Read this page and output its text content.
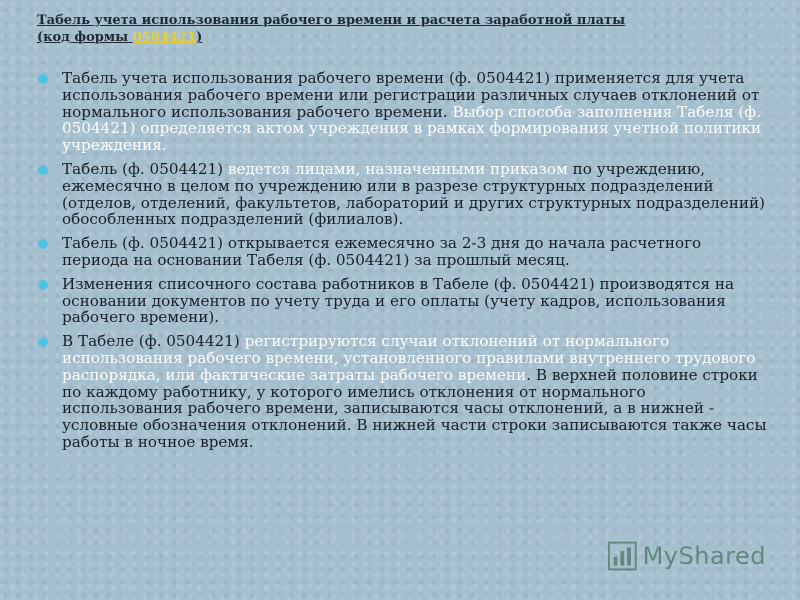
Табель учета использования рабочего времени и расчета заработной платы
(код формы 0504421)
Табель учета использования рабочего времени (ф. 0504421) применяется для учета использования рабочего времени или регистрации различных случаев отклонений от нормального использования рабочего времени. Выбор способа заполнения Табеля (ф. 0504421) определяется актом учреждения в рамках формирования учетной политики учреждения.
Табель (ф. 0504421) ведется лицами, назначенными приказом по учреждению, ежемесячно в целом по учреждению или в разрезе структурных подразделений (отделов, отделений, факультетов, лабораторий и других структурных подразделений) обособленных подразделений (филиалов).
Табель (ф. 0504421) открывается ежемесячно за 2-3 дня до начала расчетного периода на основании Табеля (ф. 0504421) за прошлый месяц.
Изменения списочного состава работников в Табеле (ф. 0504421) производятся на основании документов по учету труда и его оплаты (учету кадров, использования рабочего времени).
В Табеле (ф. 0504421) регистрируются случаи отклонений от нормального использования рабочего времени, установленного правилами внутреннего трудового распорядка, или фактические затраты рабочего времени. В верхней половине строки по каждому работнику, у которого имелись отклонения от нормального использования рабочего времени, записываются часы отклонений, а в нижней - условные обозначения отклонений. В нижней части строки записываются также часы работы в ночное время.
MyShared
